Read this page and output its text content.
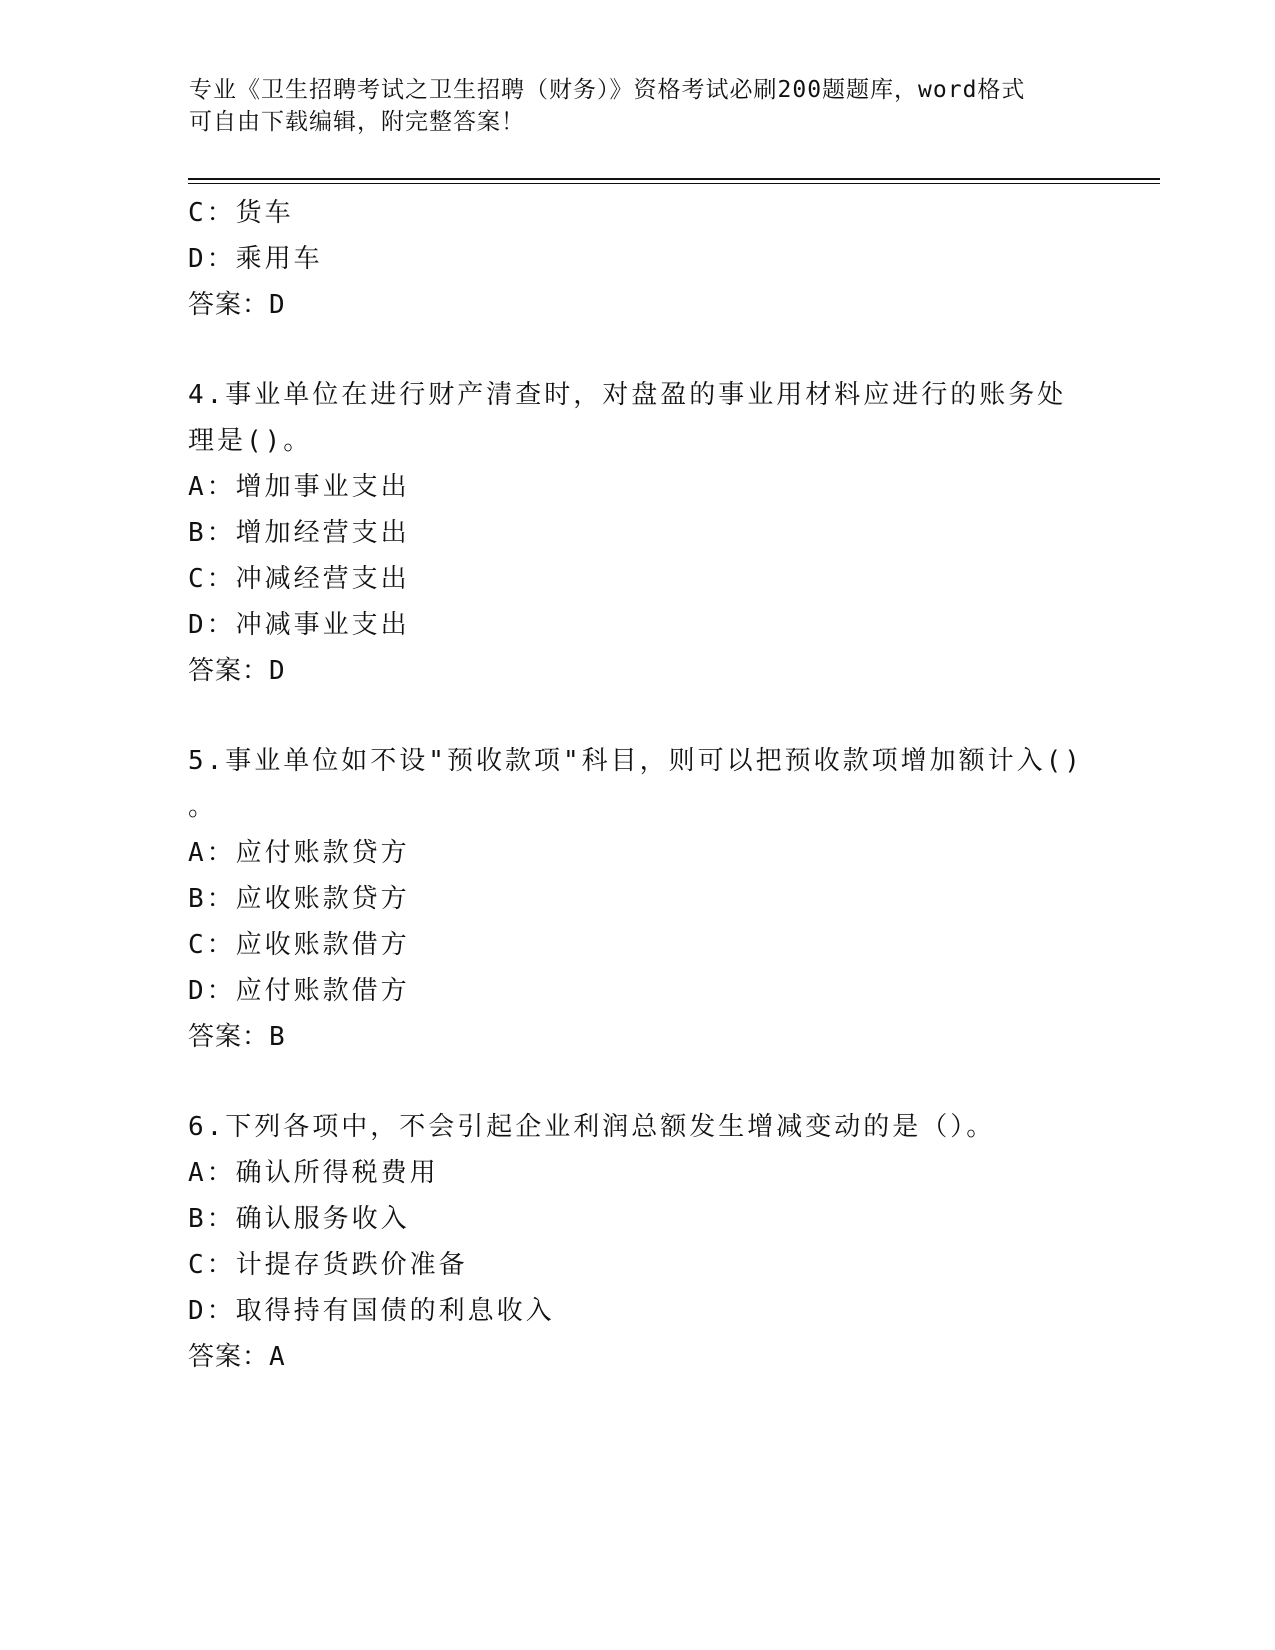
专业《卫生招聘考试之卫生招聘（财务）》资格考试必刷200题题库，word格式
可自由下载编辑，附完整答案！
C：货车
D：乘用车
答案：D
4.事业单位在进行财产清查时，对盘盈的事业用材料应进行的账务处
理是()。
A：增加事业支出
B：增加经营支出
C：冲减经营支出
D：冲减事业支出
答案：D
5.事业单位如不设"预收款项"科目，则可以把预收款项增加额计入()
。
A：应付账款贷方
B：应收账款贷方
C：应收账款借方
D：应付账款借方
答案：B
6.下列各项中，不会引起企业利润总额发生增减变动的是（）。
A：确认所得税费用
B：确认服务收入
C：计提存货跌价准备
D：取得持有国债的利息收入
答案：A
